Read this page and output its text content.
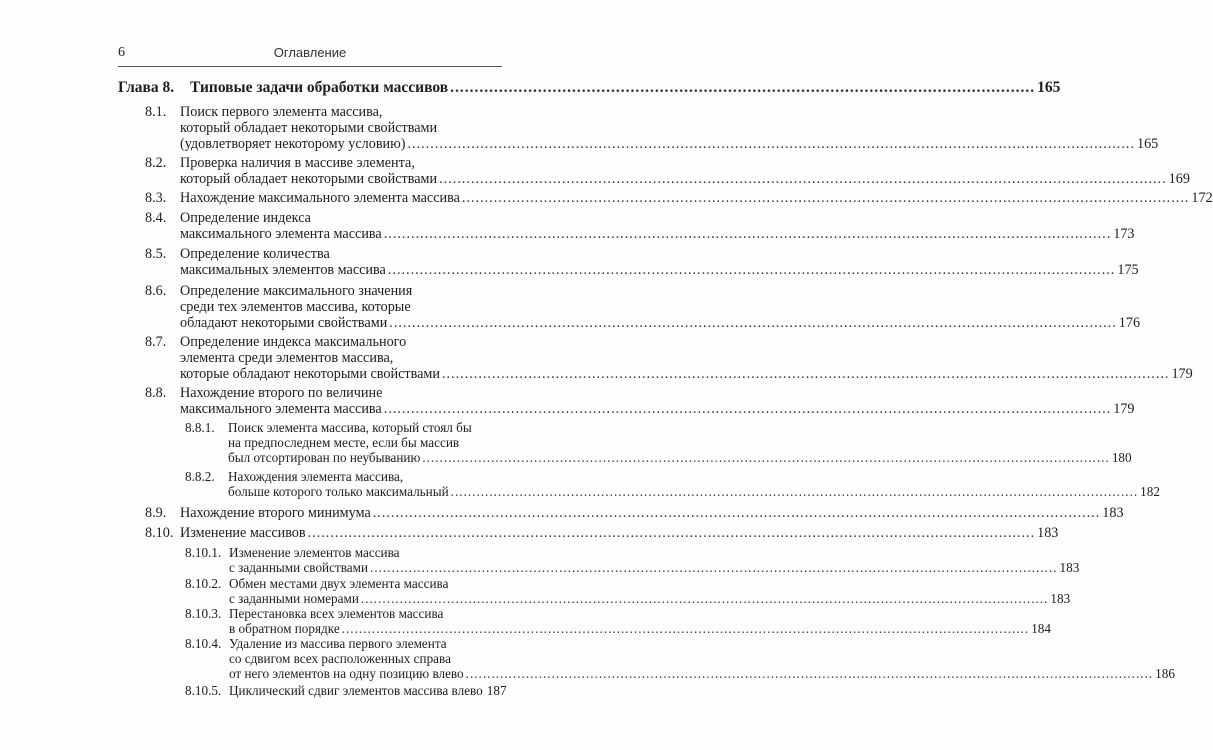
6	Оглавление
Глава 8. Типовые задачи обработки массивов ........................................................................................................................ 165
8.1. Поиск первого элемента массива,
который обладает некоторыми свойствами
(удовлетворяет некоторому условию) ................................................................................................................................................................ 165
8.2. Проверка наличия в массиве элемента,
который обладает некоторыми свойствами ................................................................................................................................................................ 169
8.3. Нахождение максимального элемента массива ................................................................................................................................................................ 172
8.4. Определение индекса
максимального элемента массива ................................................................................................................................................................ 173
8.5. Определение количества
максимальных элементов массива ................................................................................................................................................................ 175
8.6. Определение максимального значения
среди тех элементов массива, которые
обладают некоторыми свойствами ................................................................................................................................................................ 176
8.7. Определение индекса максимального
элемента среди элементов массива,
которые обладают некоторыми свойствами ................................................................................................................................................................ 179
8.8. Нахождение второго по величине
максимального элемента массива ................................................................................................................................................................ 179
8.8.1. Поиск элемента массива, который стоял бы
на предпоследнем месте, если бы массив
был отсортирован по неубыванию ................................................................................................................................................................ 180
8.8.2. Нахождения элемента массива,
больше которого только максимальный ................................................................................................................................................................ 182
8.9. Нахождение второго минимума ................................................................................................................................................................ 183
8.10. Изменение массивов ................................................................................................................................................................ 183
8.10.1. Изменение элементов массива
с заданными свойствами ................................................................................................................................................................ 183
8.10.2. Обмен местами двух элемента массива
с заданными номерами ................................................................................................................................................................ 183
8.10.3. Перестановка всех элементов массива
в обратном порядке ................................................................................................................................................................ 184
8.10.4. Удаление из массива первого элемента
со сдвигом всех расположенных справа
от него элементов на одну позицию влево ................................................................................................................................................................ 186
8.10.5. Циклический сдвиг элементов массива влево 187
